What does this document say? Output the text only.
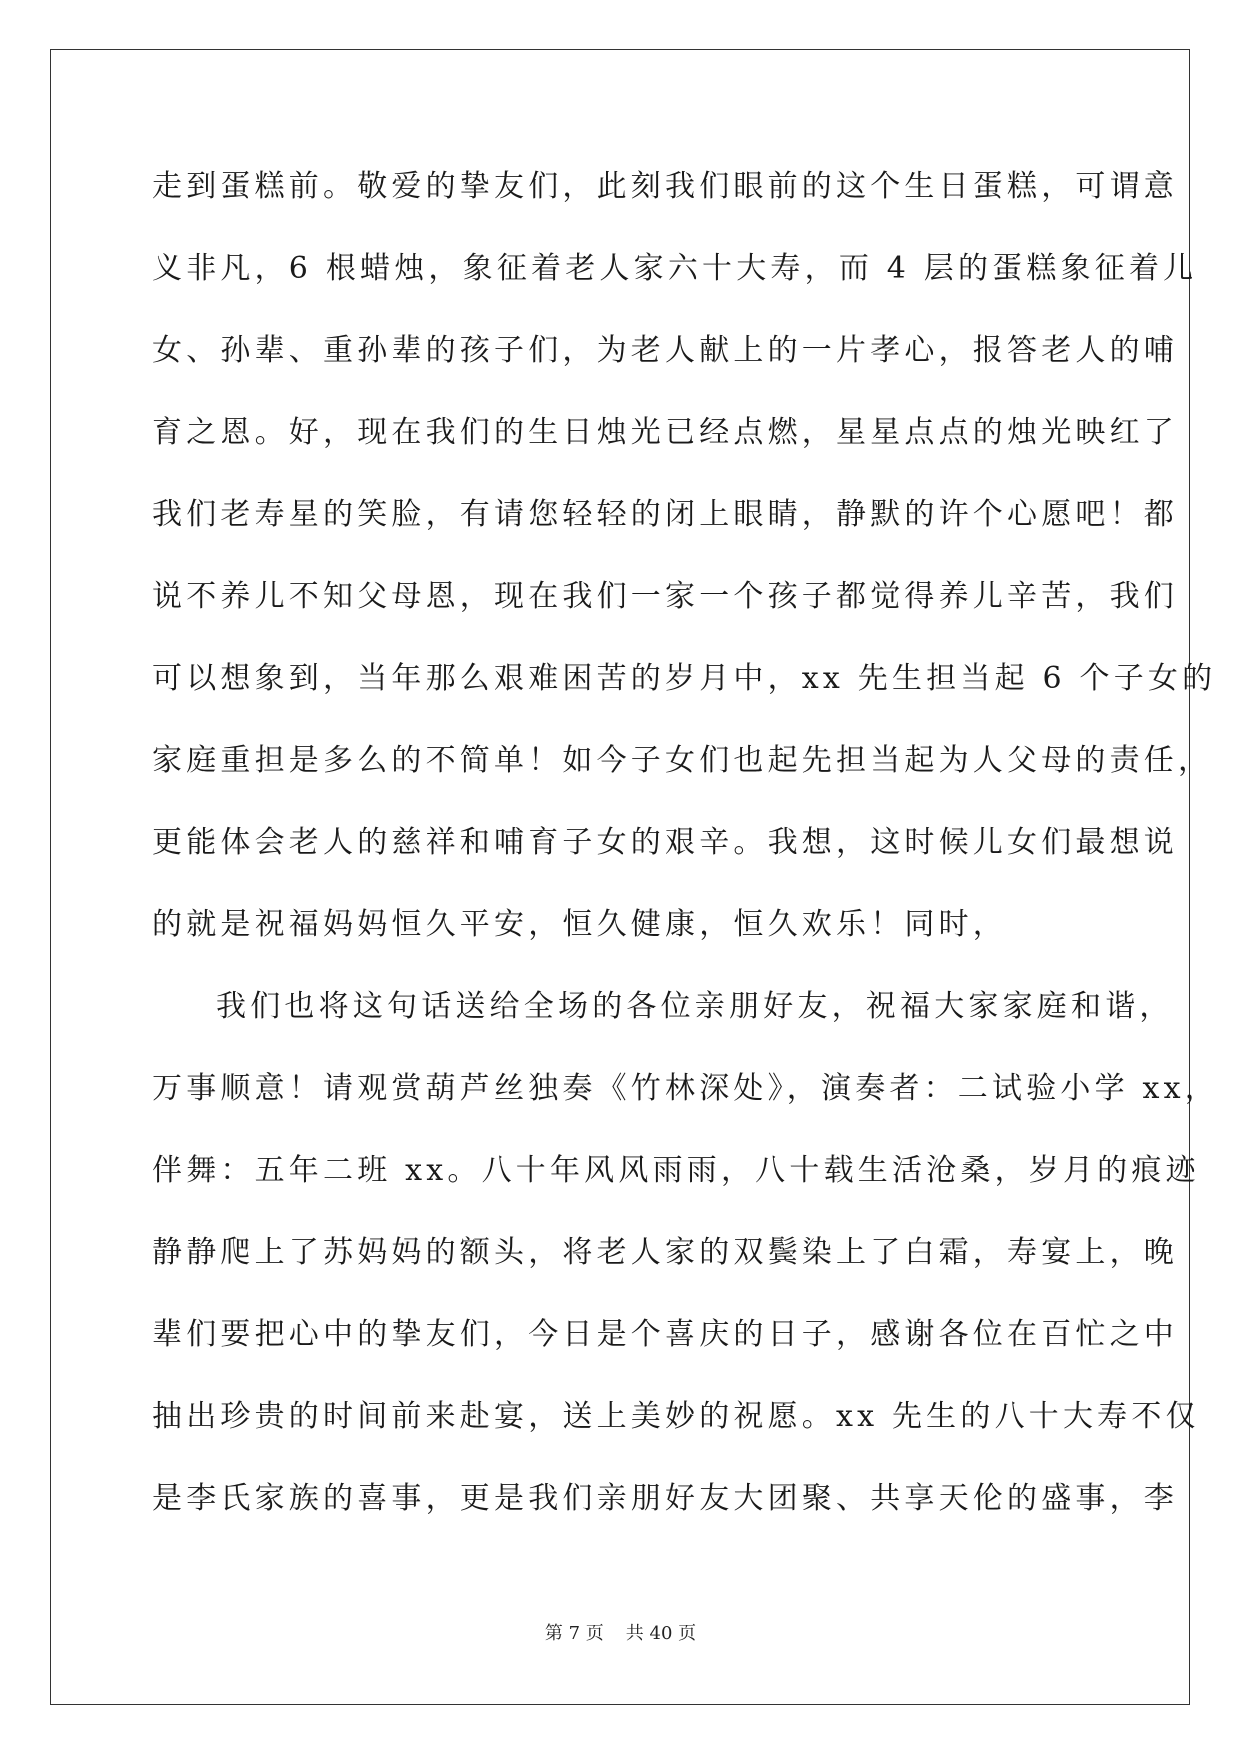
走到蛋糕前。敬爱的挚友们，此刻我们眼前的这个生日蛋糕，可谓意
义非凡，6 根蜡烛，象征着老人家六十大寿，而 4 层的蛋糕象征着儿
女、孙辈、重孙辈的孩子们，为老人献上的一片孝心，报答老人的哺
育之恩。好，现在我们的生日烛光已经点燃，星星点点的烛光映红了
我们老寿星的笑脸，有请您轻轻的闭上眼睛，静默的许个心愿吧！都
说不养儿不知父母恩，现在我们一家一个孩子都觉得养儿辛苦，我们
可以想象到，当年那么艰难困苦的岁月中，xx 先生担当起 6 个子女的
家庭重担是多么的不简单！如今子女们也起先担当起为人父母的责任，
更能体会老人的慈祥和哺育子女的艰辛。我想，这时候儿女们最想说
的就是祝福妈妈恒久平安，恒久健康，恒久欢乐！同时，
我们也将这句话送给全场的各位亲朋好友，祝福大家家庭和谐，
万事顺意！请观赏葫芦丝独奏《竹林深处》，演奏者：二试验小学 xx，
伴舞：五年二班 xx。八十年风风雨雨，八十载生活沧桑，岁月的痕迹
静静爬上了苏妈妈的额头，将老人家的双鬓染上了白霜，寿宴上，晚
辈们要把心中的挚友们，今日是个喜庆的日子，感谢各位在百忙之中
抽出珍贵的时间前来赴宴，送上美妙的祝愿。xx 先生的八十大寿不仅
是李氏家族的喜事，更是我们亲朋好友大团聚、共享天伦的盛事，李
第 7 页 共 40 页
